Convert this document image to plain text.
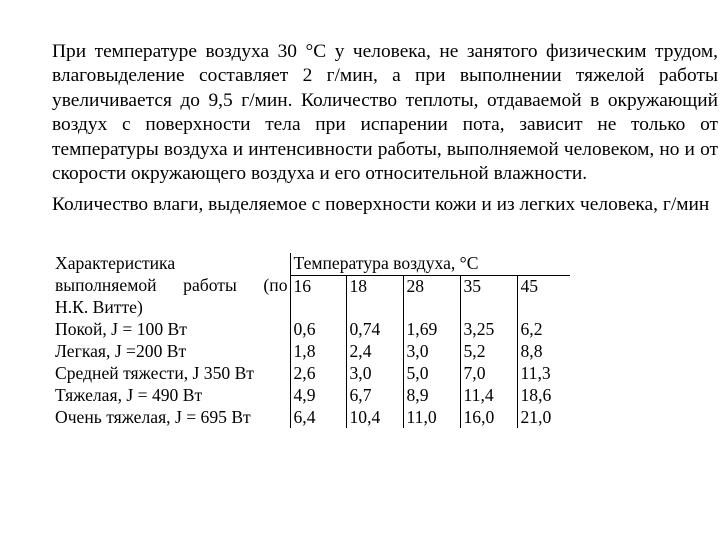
При температуре воздуха 30 °С у человека, не занятого физическим трудом, влаговыделение составляет 2 г/мин, а при выполнении тяжелой работы увеличивается до 9,5 г/мин. Количество теплоты, отдаваемой в окружающий воздух с поверхности тела при испарении пота, зависит не только от температуры воздуха и интенсивности работы, выполняемой человеком, но и от скорости окружающего воздуха и его относительной влажности.

Количество влаги, выделяемое с поверхности кожи и из легких человека, г/мин

Характеристика	Температура воздуха, °С				

выполняемой работы (по
Н.К. Витте)	16	18	28	35	45
Покой, J = 100 Вт	0,6	0,74	1,69	3,25	6,2
Легкая, J =200 Вт	1,8	2,4	3,0	5,2	8,8
Средней тяжести, J 350 Вт	2,6	3,0	5,0	7,0	11,3
Тяжелая, J = 490 Вт	4,9	6,7	8,9	11,4	18,6
Очень тяжелая, J = 695 Вт	6,4	10,4	11,0	16,0	21,0
